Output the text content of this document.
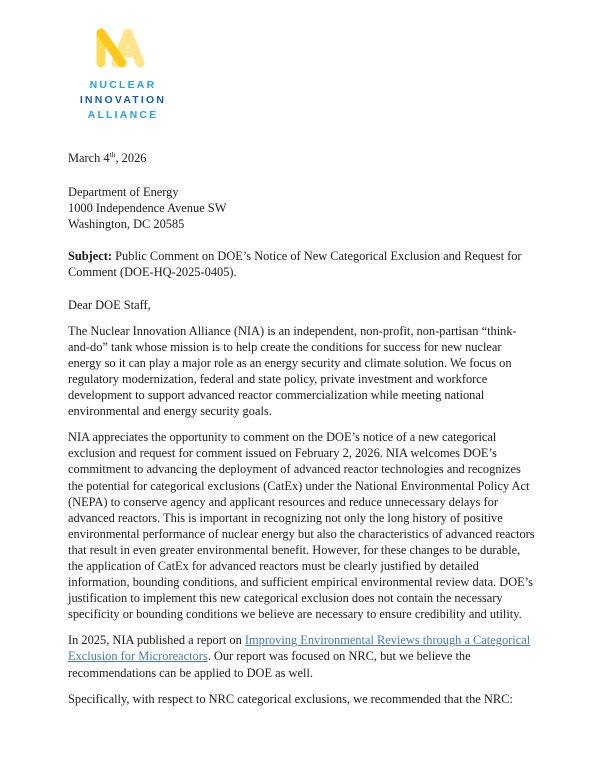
NUCLEAR
INNOVATION
ALLIANCE
March 4th, 2026
Department of Energy
1000 Independence Avenue SW
Washington, DC 20585
Subject: Public Comment on DOE’s Notice of New Categorical Exclusion and Request for Comment (DOE-HQ-2025-0405).
Dear DOE Staff,

The Nuclear Innovation Alliance (NIA) is an independent, non-profit, non-partisan “think-and-do” tank whose mission is to help create the conditions for success for new nuclear energy so it can play a major role as an energy security and climate solution. We focus on regulatory modernization, federal and state policy, private investment and workforce development to support advanced reactor commercialization while meeting national environmental and energy security goals.

NIA appreciates the opportunity to comment on the DOE’s notice of a new categorical exclusion and request for comment issued on February 2, 2026. NIA welcomes DOE’s commitment to advancing the deployment of advanced reactor technologies and recognizes the potential for categorical exclusions (CatEx) under the National Environmental Policy Act (NEPA) to conserve agency and applicant resources and reduce unnecessary delays for advanced reactors. This is important in recognizing not only the long history of positive environmental performance of nuclear energy but also the characteristics of advanced reactors that result in even greater environmental benefit. However, for these changes to be durable, the application of CatEx for advanced reactors must be clearly justified by detailed information, bounding conditions, and sufficient empirical environmental review data. DOE’s justification to implement this new categorical exclusion does not contain the necessary specificity or bounding conditions we believe are necessary to ensure credibility and utility.

In 2025, NIA published a report on Improving Environmental Reviews through a Categorical Exclusion for Microreactors. Our report was focused on NRC, but we believe the recommendations can be applied to DOE as well.

Specifically, with respect to NRC categorical exclusions, we recommended that the NRC:
